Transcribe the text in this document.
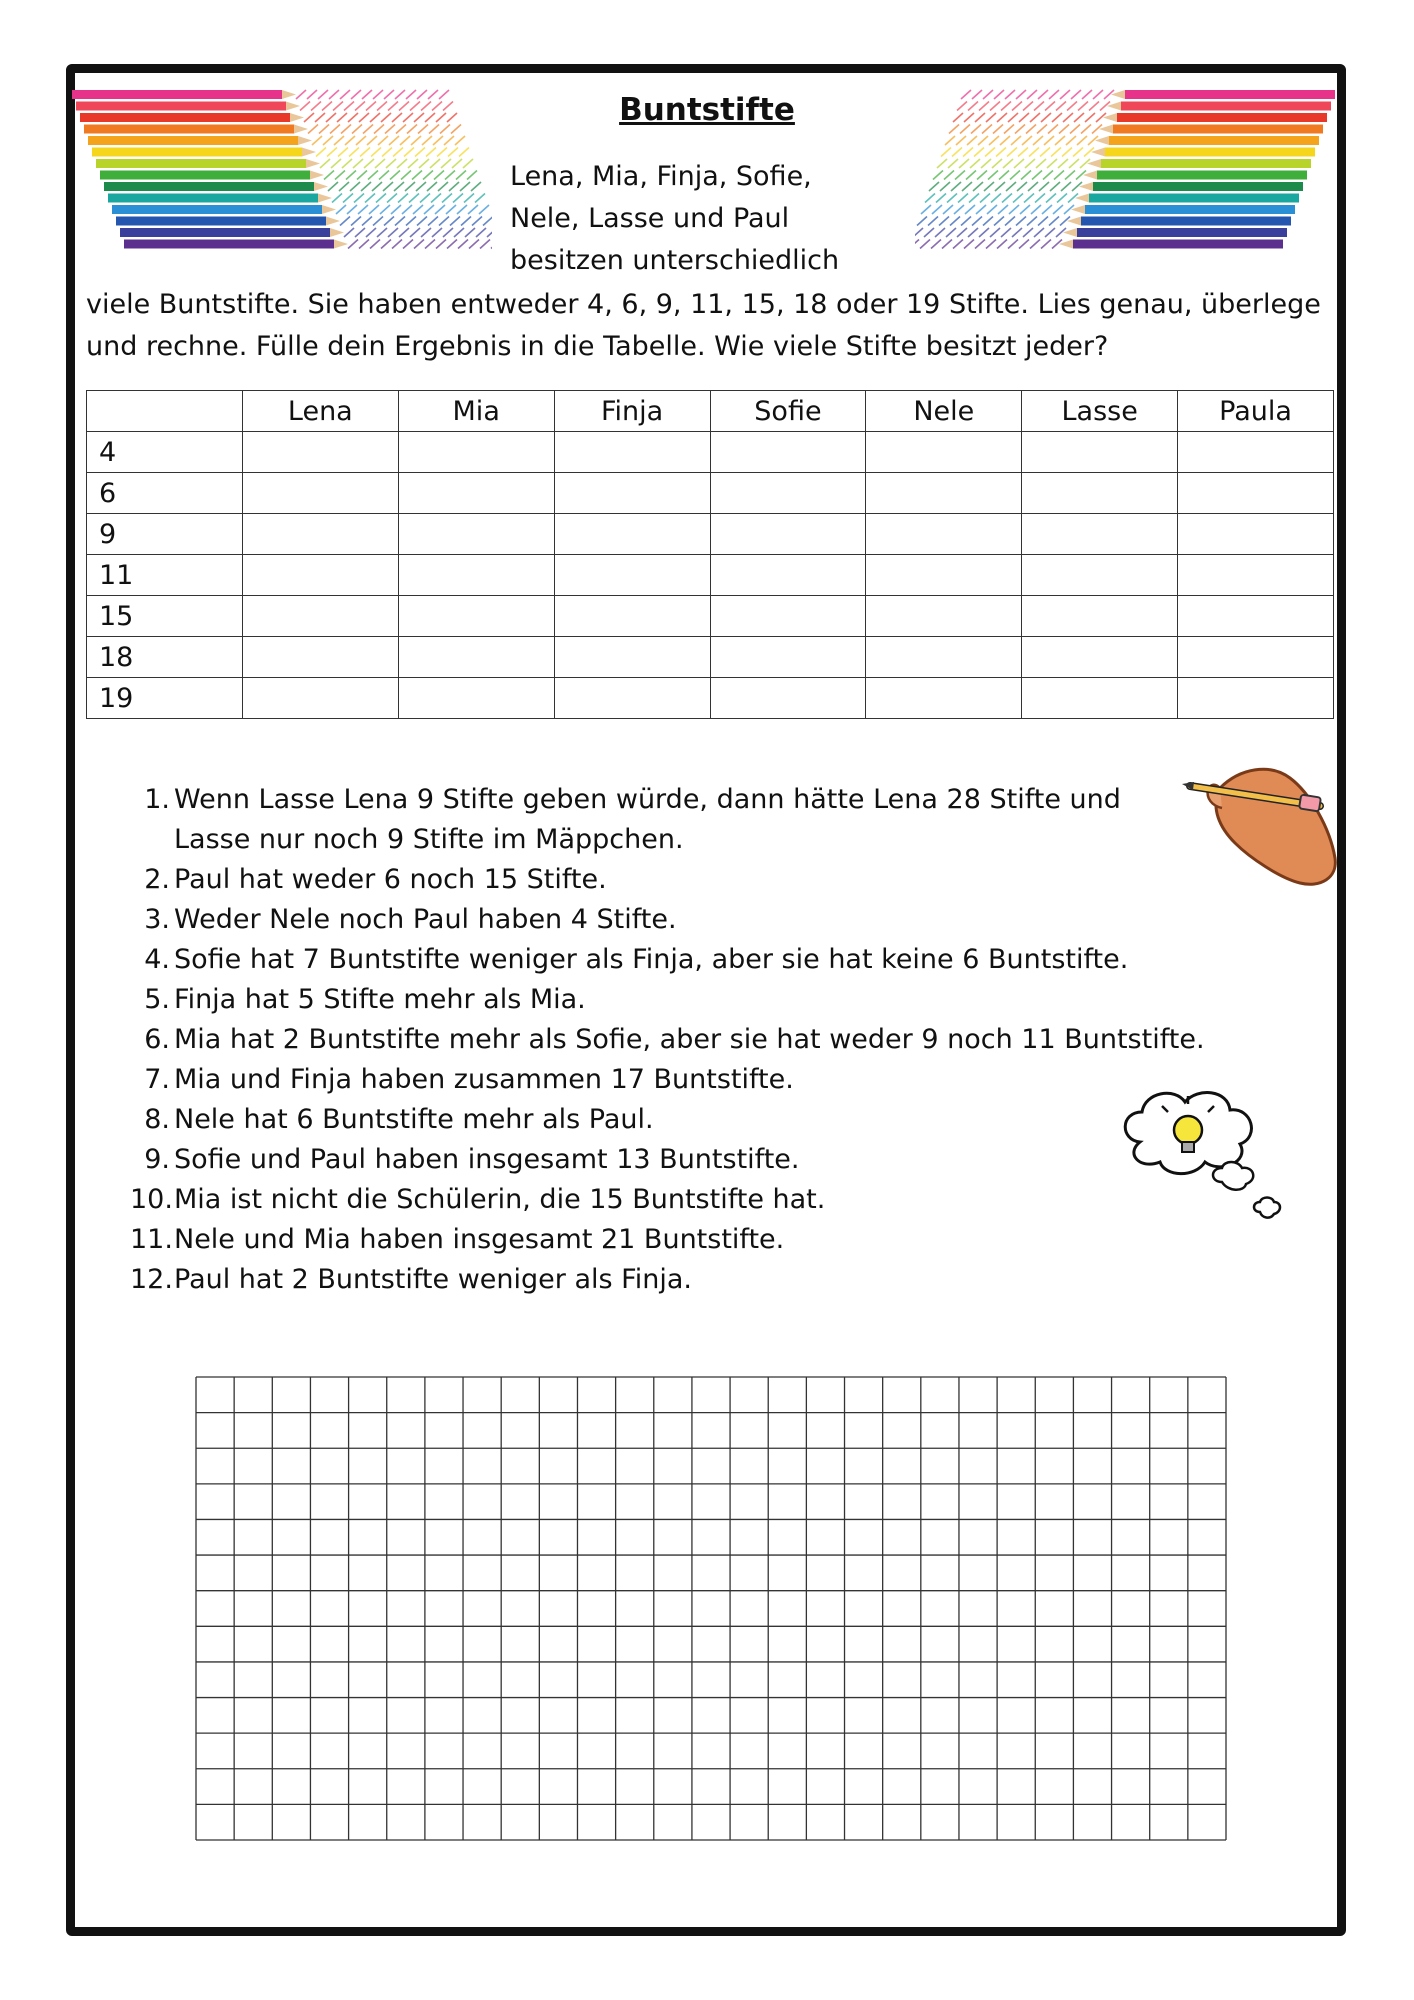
Buntstifte
Lena, Mia, Finja, Sofie,
Nele, Lasse und Paul
besitzen unterschiedlich
viele Buntstifte. Sie haben entweder 4, 6, 9, 11, 15, 18 oder 19 Stifte. Lies genau, überlege
und rechne. Fülle dein Ergebnis in die Tabelle. Wie viele Stifte besitzt jeder?
	Lena	Mia	Finja	Sofie	Nele	Lasse	Paula
4							
6							
9							
11							
15							
18							
19							
1. Wenn Lasse Lena 9 Stifte geben würde, dann hätte Lena 28 Stifte und
Lasse nur noch 9 Stifte im Mäppchen.
2. Paul hat weder 6 noch 15 Stifte.
3. Weder Nele noch Paul haben 4 Stifte.
4. Sofie hat 7 Buntstifte weniger als Finja, aber sie hat keine 6 Buntstifte.
5. Finja hat 5 Stifte mehr als Mia.
6. Mia hat 2 Buntstifte mehr als Sofie, aber sie hat weder 9 noch 11 Buntstifte.
7. Mia und Finja haben zusammen 17 Buntstifte.
8. Nele hat 6 Buntstifte mehr als Paul.
9. Sofie und Paul haben insgesamt 13 Buntstifte.
10. Mia ist nicht die Schülerin, die 15 Buntstifte hat.
11. Nele und Mia haben insgesamt 21 Buntstifte.
12. Paul hat 2 Buntstifte weniger als Finja.
